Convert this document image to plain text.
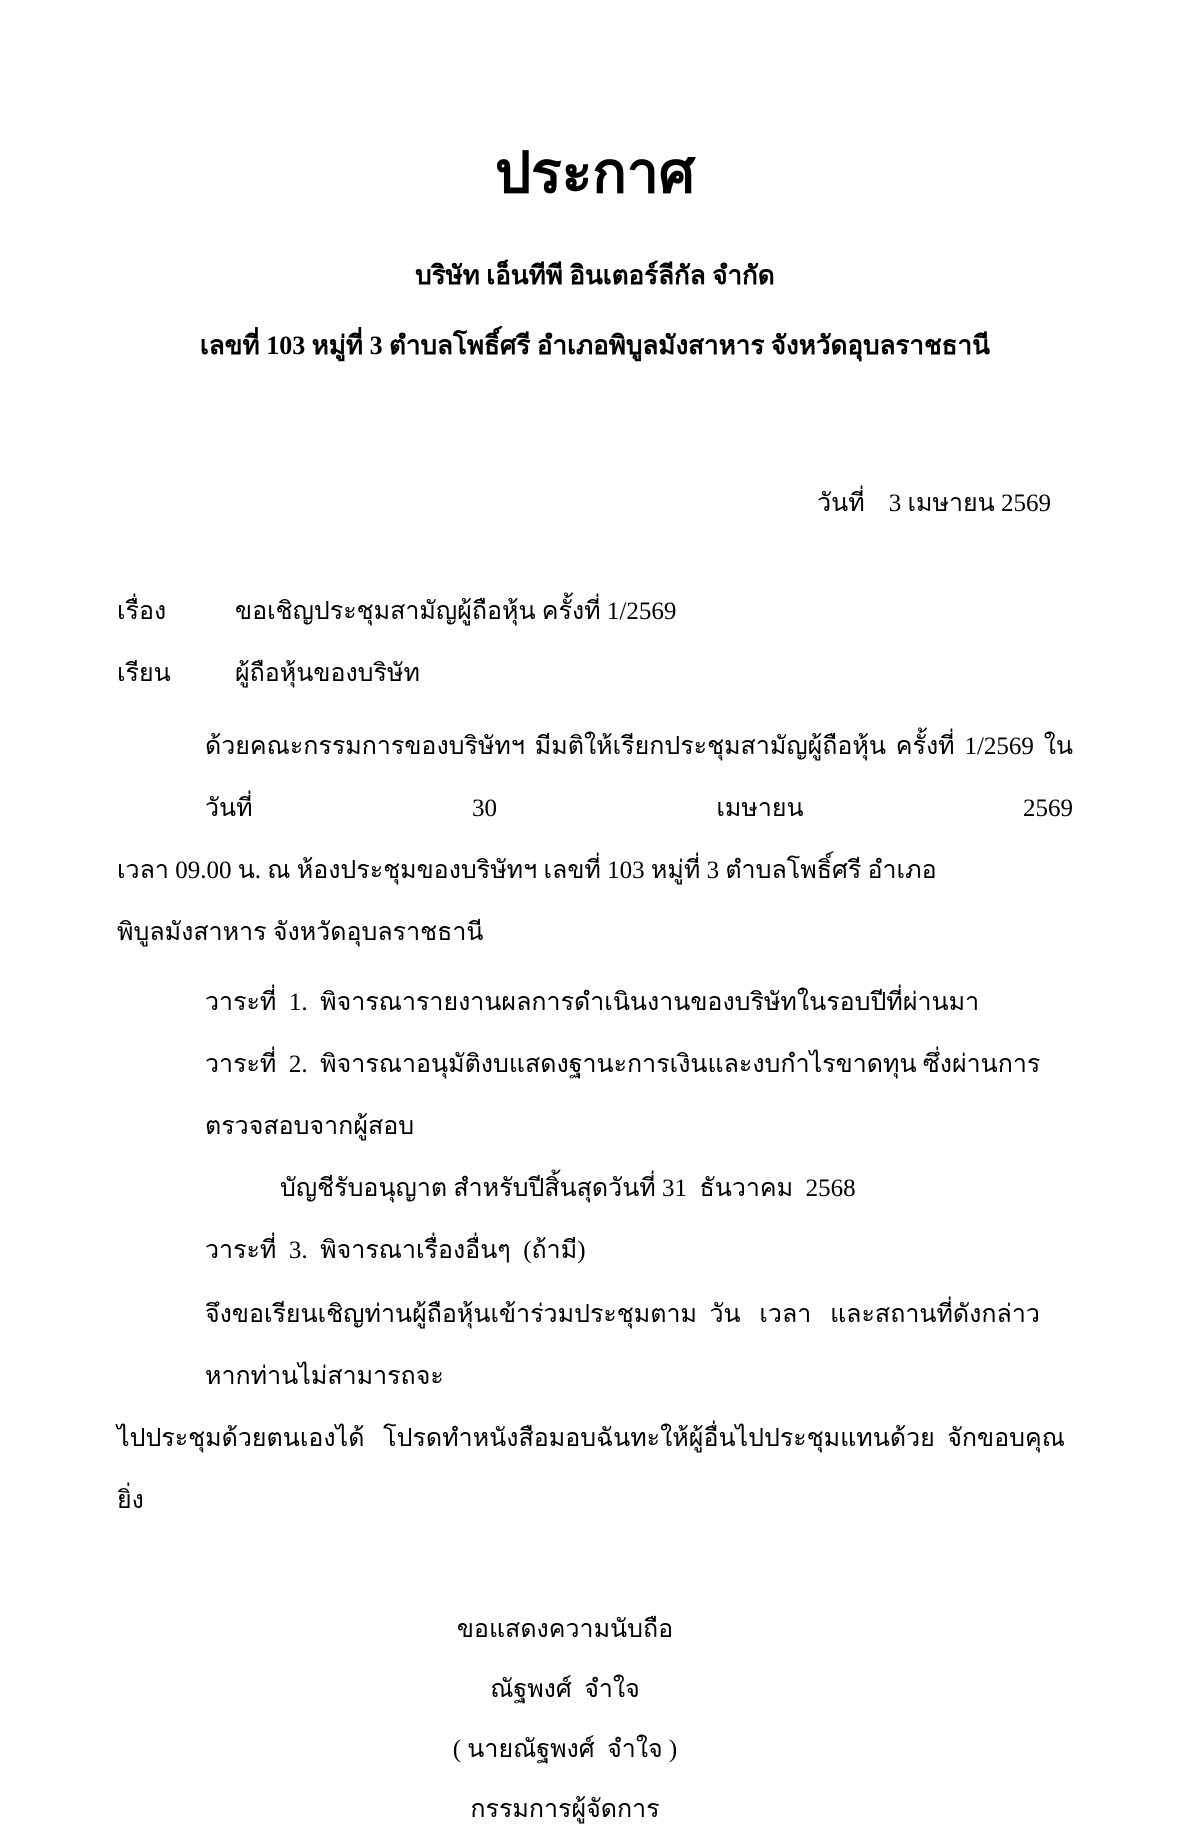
ประกาศ
บริษัท เอ็นทีพี อินเตอร์ลีกัล จำกัด
เลขที่ 103 หมู่ที่ 3 ตำบลโพธิ์ศรี อำเภอพิบูลมังสาหาร จังหวัดอุบลราชธานี

วันที่ 3 เมษายน 2569

เรื่อง	ขอเชิญประชุมสามัญผู้ถือหุ้น ครั้งที่ 1/2569
เรียน	ผู้ถือหุ้นของบริษัท
ด้วยคณะกรรมการของบริษัทฯ มีมติให้เรียกประชุมสามัญผู้ถือหุ้น ครั้งที่ 1/2569 ในวันที่ 30 เมษายน 2569
เวลา 09.00 น. ณ ห้องประชุมของบริษัทฯ เลขที่ 103 หมู่ที่ 3 ตำบลโพธิ์ศรี อำเภอพิบูลมังสาหาร จังหวัดอุบลราชธานี
วาระที่  1.  พิจารณารายงานผลการดำเนินงานของบริษัทในรอบปีที่ผ่านมา
วาระที่  2.  พิจารณาอนุมัติงบแสดงฐานะการเงินและงบกำไรขาดทุน ซึ่งผ่านการตรวจสอบจากผู้สอบ
บัญชีรับอนุญาต สำหรับปีสิ้นสุดวันที่ 31  ธันวาคม  2568
วาระที่  3.  พิจารณาเรื่องอื่นๆ  (ถ้ามี)
จึงขอเรียนเชิญท่านผู้ถือหุ้นเข้าร่วมประชุมตาม  วัน   เวลา   และสถานที่ดังกล่าว หากท่านไม่สามารถจะ
ไปประชุมด้วยตนเองได้   โปรดทำหนังสือมอบฉันทะให้ผู้อื่นไปประชุมแทนด้วย  จักขอบคุณยิ่ง
ขอแสดงความนับถือ
ณัฐพงศ์  จำใจ
( นายณัฐพงศ์  จำใจ )
กรรมการผู้จัดการ
